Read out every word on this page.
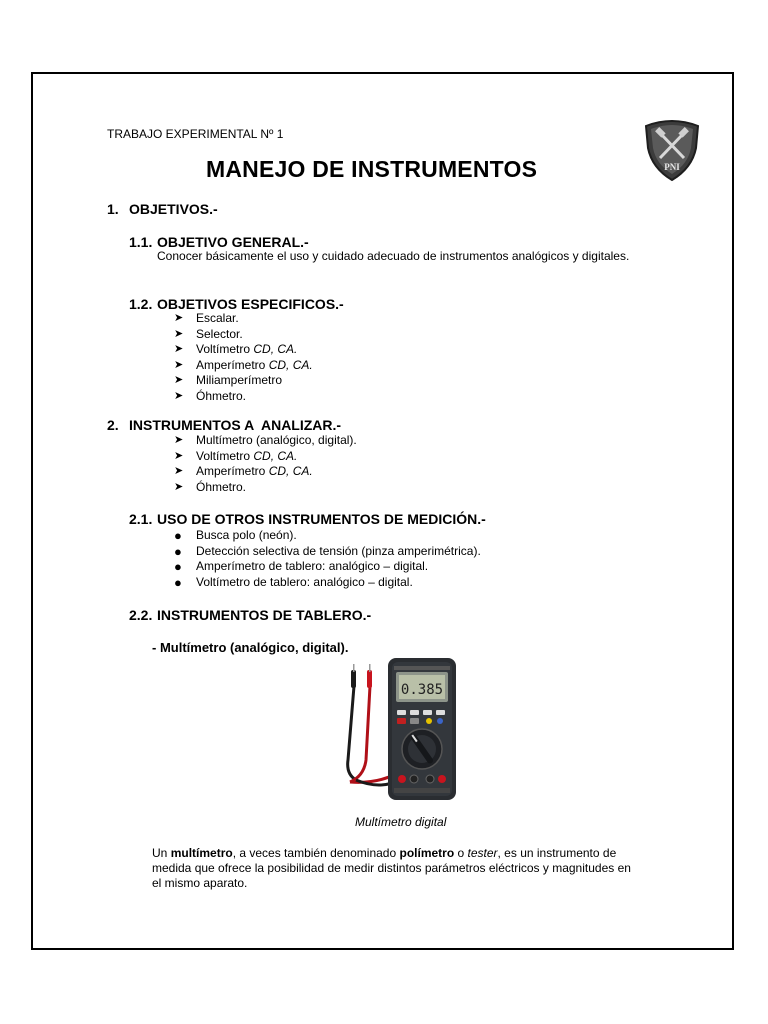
TRABAJO EXPERIMENTAL Nº 1
MANEJO DE INSTRUMENTOS	PNI
1. OBJETIVOS.-
1.1. OBJETIVO GENERAL.-
Conocer básicamente el uso y cuidado adecuado de instrumentos analógicos y digitales.
1.2. OBJETIVOS ESPECIFICOS.-
➤ Escalar.
➤ Selector.
➤ Voltímetro CD, CA.
➤ Amperímetro CD, CA.
➤ Miliamperímetro
➤ Óhmetro.
2. INSTRUMENTOS A  ANALIZAR.-
➤ Multímetro (analógico, digital).
➤ Voltímetro CD, CA.
➤ Amperímetro CD, CA.
➤ Óhmetro.
2.1. USO DE OTROS INSTRUMENTOS DE MEDICIÓN.-
● Busca polo (neón).
● Detección selectiva de tensión (pinza amperimétrica).
● Amperímetro de tablero: analógico – digital.
● Voltímetro de tablero: analógico – digital.
2.2. INSTRUMENTOS DE TABLERO.-
- Multímetro (analógico, digital).
0.385
Multímetro digital
Un multímetro, a veces también denominado polímetro o tester, es un instrumento de medida que ofrece la posibilidad de medir distintos parámetros eléctricos y magnitudes en el mismo aparato.
